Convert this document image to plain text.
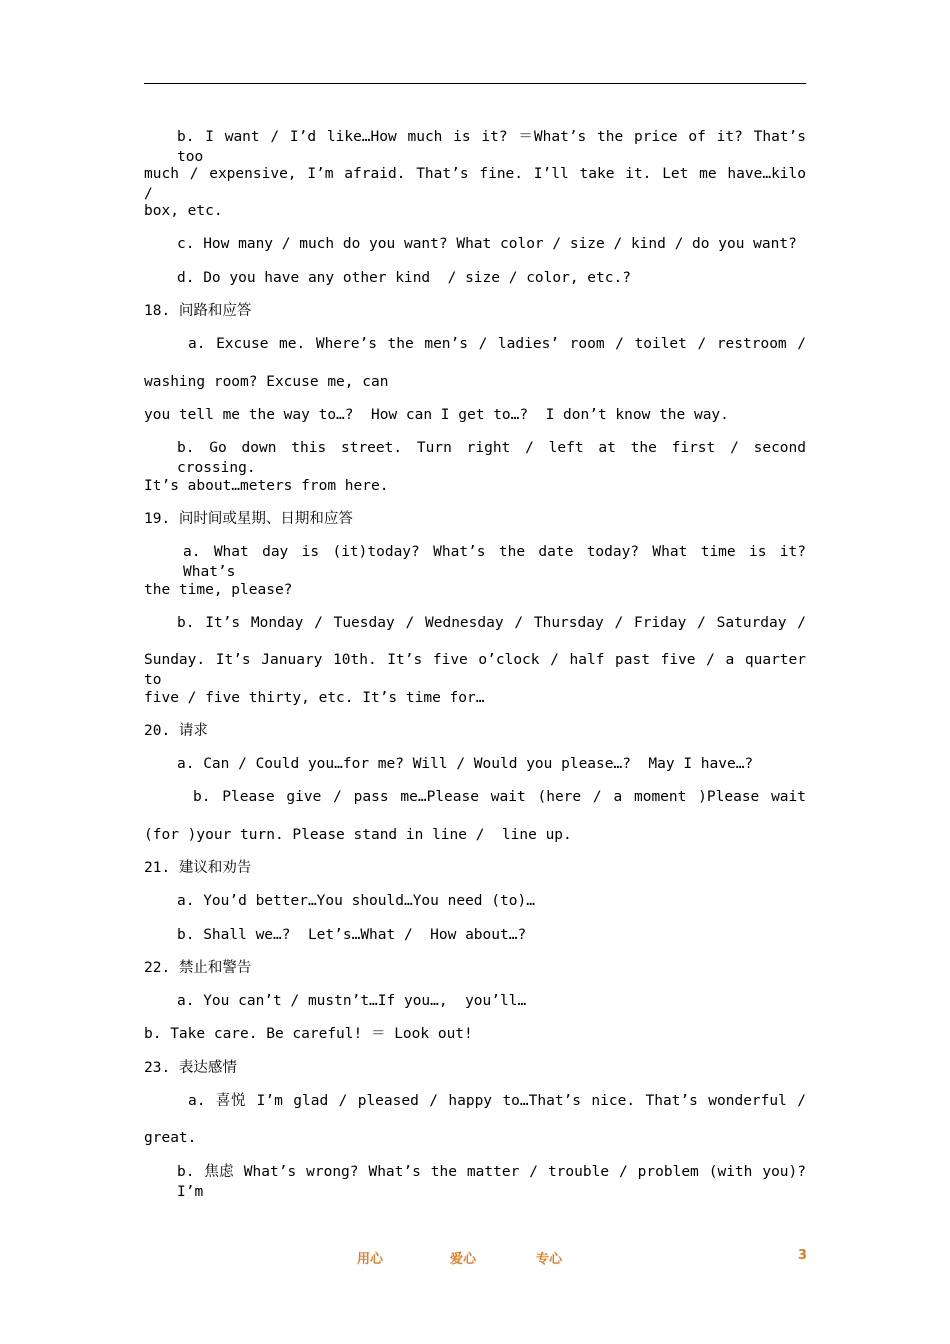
b. I want / I’d like…How much is it? ＝What’s the price of it? That’s too
much / expensive, I’m afraid. That’s fine. I’ll take it. Let me have…kilo /
box, etc.
c. How many / much do you want? What color / size / kind / do you want?
d. Do you have any other kind  / size / color, etc.?
18. 问路和应答
a. Excuse me. Where’s the men’s / ladies’ room / toilet / restroom /
washing room? Excuse me, can
you tell me the way to…?  How can I get to…?  I don’t know the way.
b. Go down this street. Turn right / left at the first / second crossing.
It’s about…meters from here.
19. 问时间或星期、日期和应答
a. What day is (it)today? What’s the date today? What time is it? What’s
the time, please?
b. It’s Monday / Tuesday / Wednesday / Thursday / Friday / Saturday /
Sunday. It’s January 10th. It’s five o’clock / half past five / a quarter to
five / five thirty, etc. It’s time for…
20. 请求
a. Can / Could you…for me? Will / Would you please…?  May I have…?
b. Please give / pass me…Please wait (here / a moment )Please wait
(for )your turn. Please stand in line /  line up.
21. 建议和劝告
a. You’d better…You should…You need (to)…
b. Shall we…?  Let’s…What /  How about…?
22. 禁止和警告
a. You can’t / mustn’t…If you…,  you’ll…
b. Take care. Be careful! ＝ Look out!
23. 表达感情
a. 喜悦 I’m glad / pleased / happy to…That’s nice. That’s wonderful /
great.
b. 焦虑 What’s wrong? What’s the matter / trouble / problem (with you)? I’m
用心	爱心	专心	3
